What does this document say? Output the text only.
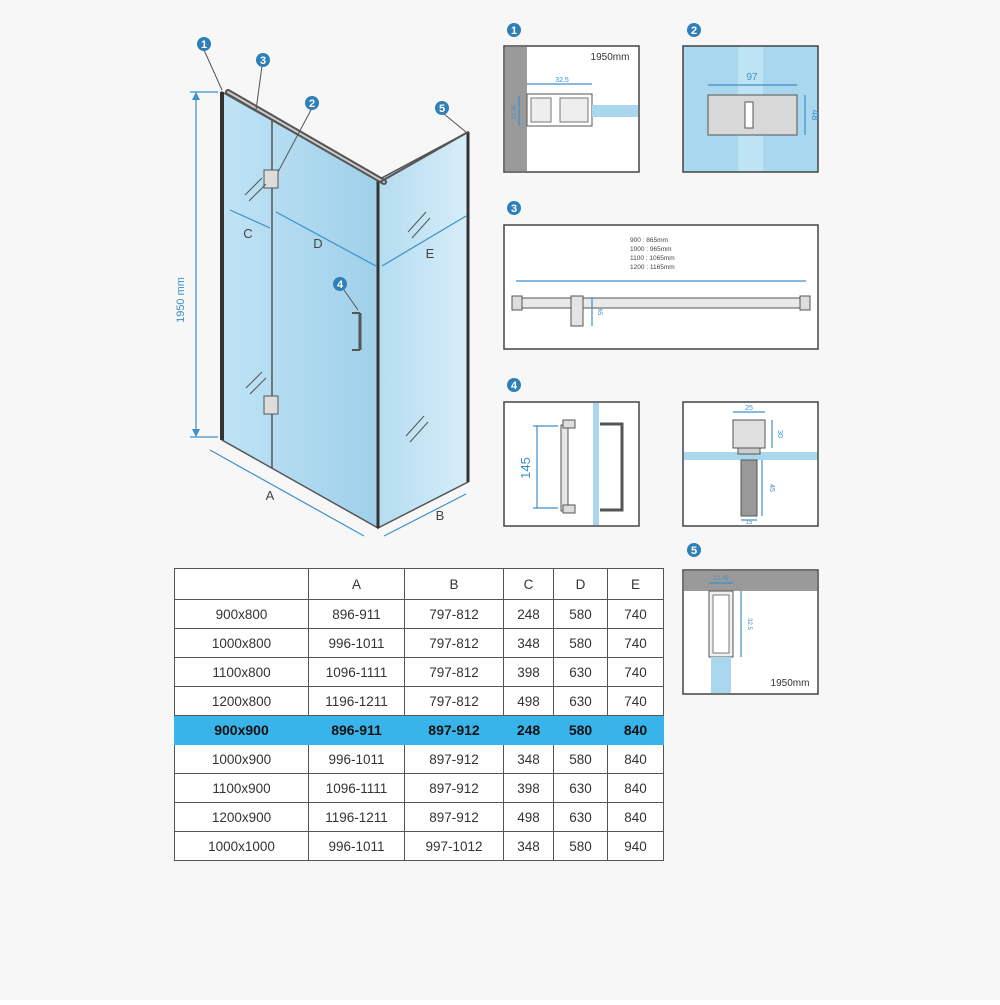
1950 mm
A
B
C
D
E
1
3
2
4
5
1
32.5
12.45
1950mm
2
97
48
3
900 : 865mm
1000 : 965mm
1100 : 1065mm
1200 : 1165mm
65
4
145
25
30
45
15
5
12.45
32.5
1950mm
	A	B	C	D	E
900x800	896-911	797-812	248	580	740
1000x800	996-1011	797-812	348	580	740
1100x800	1096-1111	797-812	398	630	740
1200x800	1196-1211	797-812	498	630	740
900x900	896-911	897-912	248	580	840
1000x900	996-1011	897-912	348	580	840
1100x900	1096-1111	897-912	398	630	840
1200x900	1196-1211	897-912	498	630	840
1000x1000	996-1011	997-1012	348	580	940
